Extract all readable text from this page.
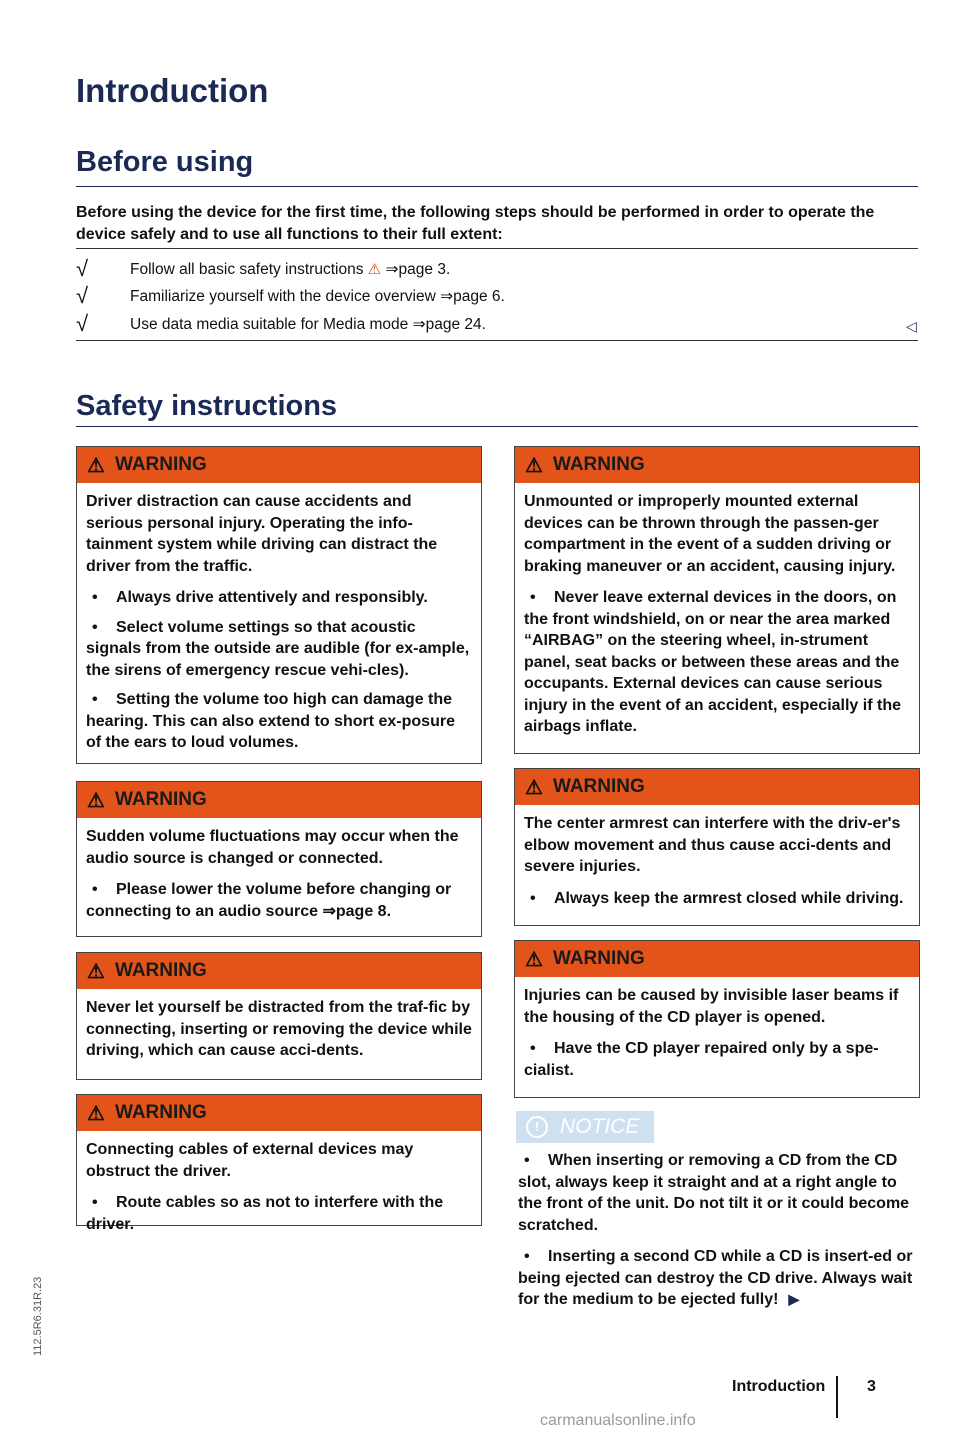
Introduction
Before using
Before using the device for the first time, the following steps should be performed in order to operate the device safely and to use all functions to their full extent:
√	Follow all basic safety instructions ⚠ ⇒page 3.
√	Familiarize yourself with the device overview ⇒page 6.
√	Use data media suitable for Media mode ⇒page 24.	◁
Safety instructions
⚠ WARNING

Driver distraction can cause accidents and serious personal injury. Operating the info-tainment system while driving can distract the driver from the traffic.

• Always drive attentively and responsibly.
• Select volume settings so that acoustic signals from the outside are audible (for ex-ample, the sirens of emergency rescue vehi-cles).
• Setting the volume too high can damage the hearing. This can also extend to short ex-posure of the ears to loud volumes.
⚠ WARNING

Sudden volume fluctuations may occur when the audio source is changed or connected.

• Please lower the volume before changing or connecting to an audio source ⇒page 8.
⚠ WARNING

Never let yourself be distracted from the traf-fic by connecting, inserting or removing the device while driving, which can cause acci-dents.

⚠ WARNING

Connecting cables of external devices may obstruct the driver.

• Route cables so as not to interfere with the driver.
⚠ WARNING

Unmounted or improperly mounted external devices can be thrown through the passen-ger compartment in the event of a sudden driving or braking maneuver or an accident, causing injury.

• Never leave external devices in the doors, on the front windshield, on or near the area marked “AIRBAG” on the steering wheel, in-strument panel, seat backs or between these areas and the occupants. External devices can cause serious injury in the event of an accident, especially if the airbags inflate.
⚠ WARNING

The center armrest can interfere with the driv-er's elbow movement and thus cause acci-dents and severe injuries.

• Always keep the armrest closed while driving.
⚠ WARNING

Injuries can be caused by invisible laser beams if the housing of the CD player is opened.

• Have the CD player repaired only by a spe-cialist.
! NOTICE
• When inserting or removing a CD from the CD slot, always keep it straight and at a right angle to the front of the unit. Do not tilt it or it could become scratched.
• Inserting a second CD while a CD is insert-ed or being ejected can destroy the CD drive. Always wait for the medium to be ejected fully! ▶
Introduction	3
112.5R6.31R.23
carmanualsonline.info
